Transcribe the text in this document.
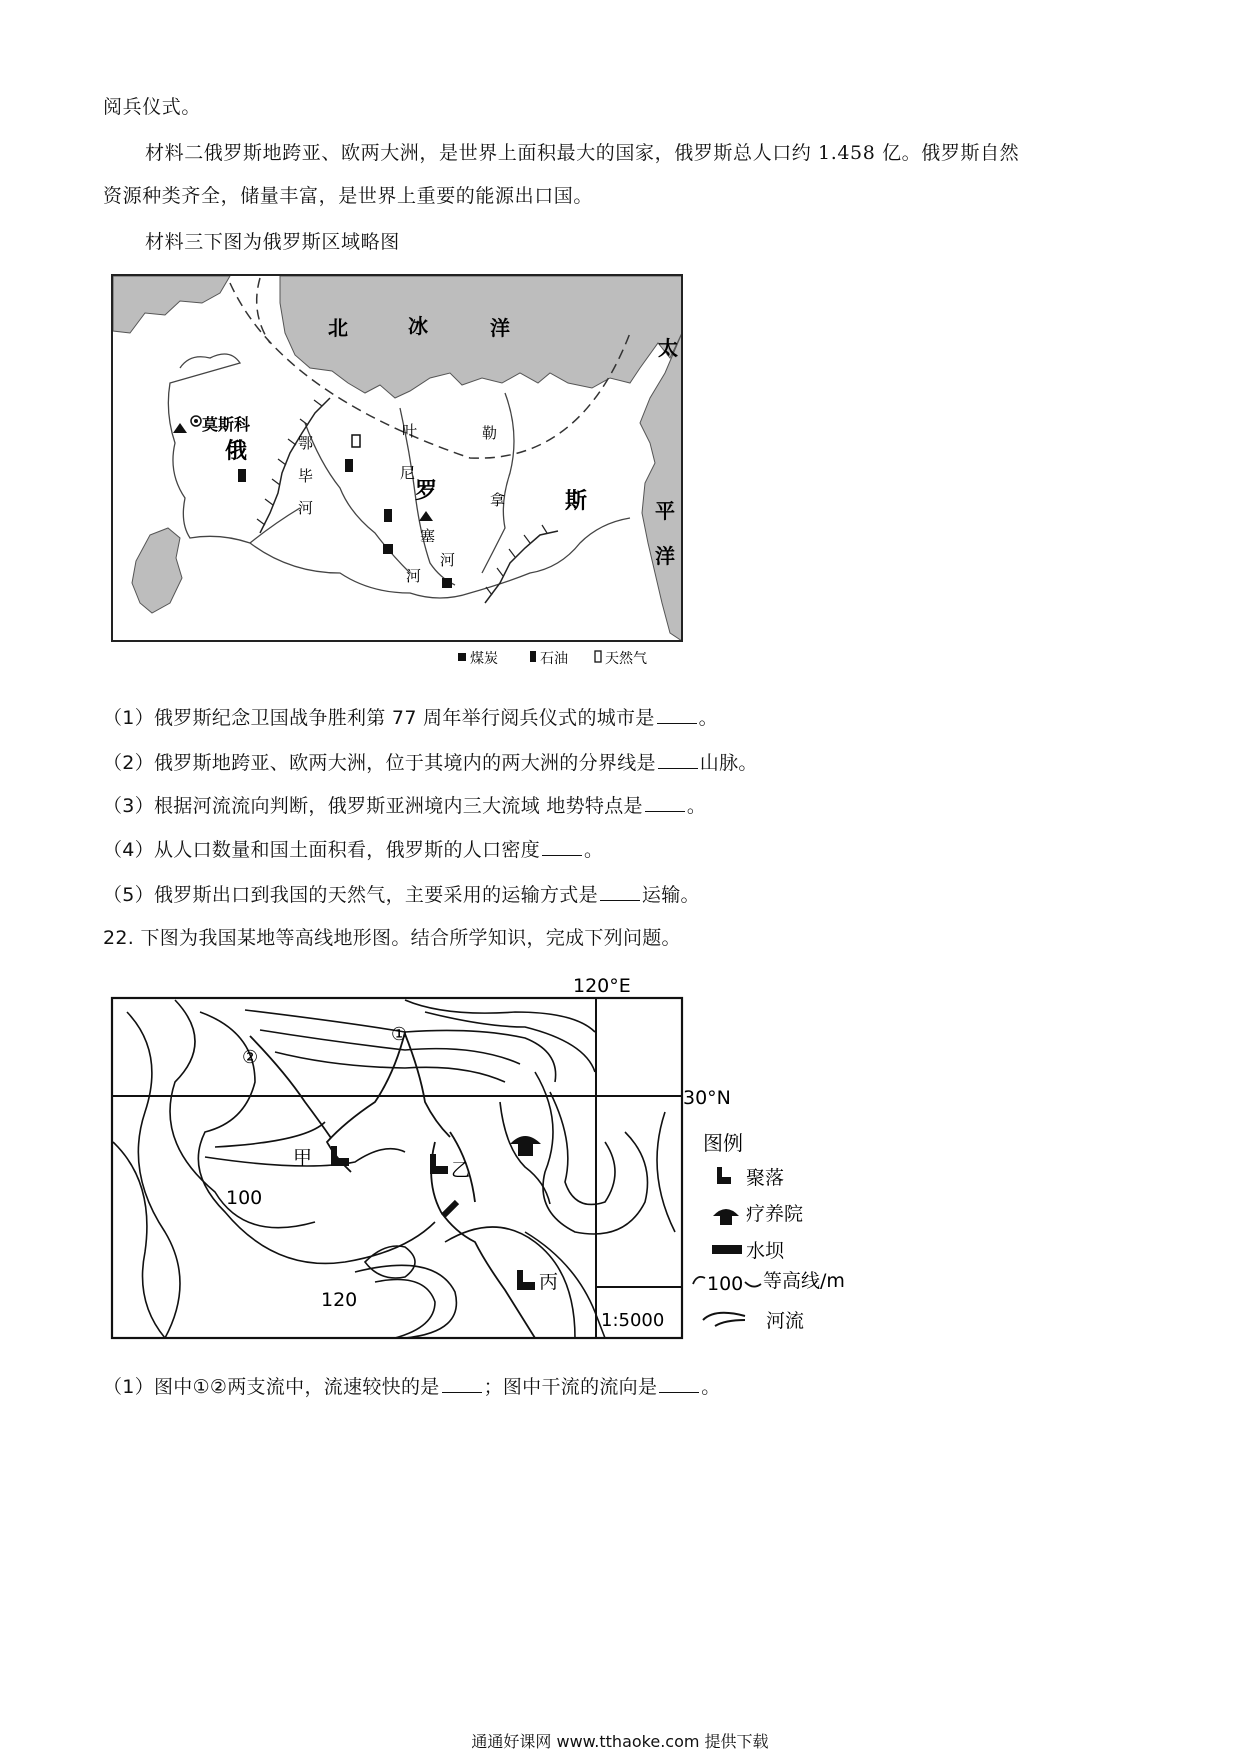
阅兵仪式。
材料二俄罗斯地跨亚、欧两大洲，是世界上面积最大的国家，俄罗斯总人口约 1.458 亿。俄罗斯自然
资源种类齐全，储量丰富，是世界上重要的能源出口国。
材料三下图为俄罗斯区域略图
北	冰	洋
太
平
洋
莫斯科
俄
罗	斯
鄂
毕
河
尼
塞
河
叶	勒
拿
河
煤炭	石油	天然气
（1）俄罗斯纪念卫国战争胜利第 77 周年举行阅兵仪式的城市是 。
（2）俄罗斯地跨亚、欧两大洲，位于其境内的两大洲的分界线是 山脉。
（3）根据河流流向判断，俄罗斯亚洲境内三大流域 地势特点是 。
（4）从人口数量和国土面积看，俄罗斯的人口密度 。
（5）俄罗斯出口到我国的天然气，主要采用的运输方式是 运输。
22. 下图为我国某地等高线地形图。结合所学知识，完成下列问题。
120°E
30°N
1:5000
甲
乙
丙
100
120
②
①
图例
聚落
疗养院
水坝
100 等高线/m
河流
（1）图中①②两支流中，流速较快的是 ；图中干流的流向是 。
通通好课网 www.tthaoke.com 提供下载
